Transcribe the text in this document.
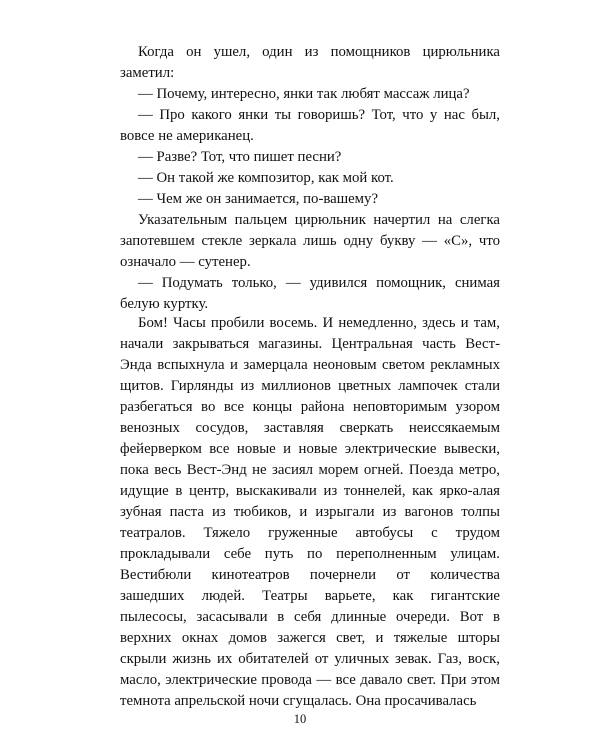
Когда он ушел, один из помощников цирюльника заметил:

— Почему, интересно, янки так любят массаж лица?

— Про какого янки ты говоришь? Тот, что у нас был, вовсе не американец.

— Разве? Тот, что пишет песни?

— Он такой же композитор, как мой кот.

— Чем же он занимается, по-вашему?

Указательным пальцем цирюльник начертил на слегка запотевшем стекле зеркала лишь одну букву — «С», что означало — сутенер.

— Подумать только, — удивился помощник, снимая белую куртку.

Бом! Часы пробили восемь. И немедленно, здесь и там, начали закрываться магазины. Центральная часть Вест-Энда вспыхнула и замерцала неоновым светом рекламных щитов. Гирлянды из миллионов цветных лампочек стали разбегаться во все концы района неповторимым узором венозных сосудов, заставляя сверкать неиссякаемым фейерверком все новые и новые электрические вывески, пока весь Вест-Энд не засиял морем огней. Поезда метро, идущие в центр, выскакивали из тоннелей, как ярко-алая зубная паста из тюбиков, и изрыгали из вагонов толпы театралов. Тяжело груженные автобусы с трудом прокладывали себе путь по переполненным улицам. Вестибюли кинотеатров почернели от количества зашедших людей. Театры варьете, как гигантские пылесосы, засасывали в себя длинные очереди. Вот в верхних окнах домов зажегся свет, и тяжелые шторы скрыли жизнь их обитателей от уличных зевак. Газ, воск, масло, электрические провода — все давало свет. При этом темнота апрельской ночи сгущалась. Она просачивалась

10
